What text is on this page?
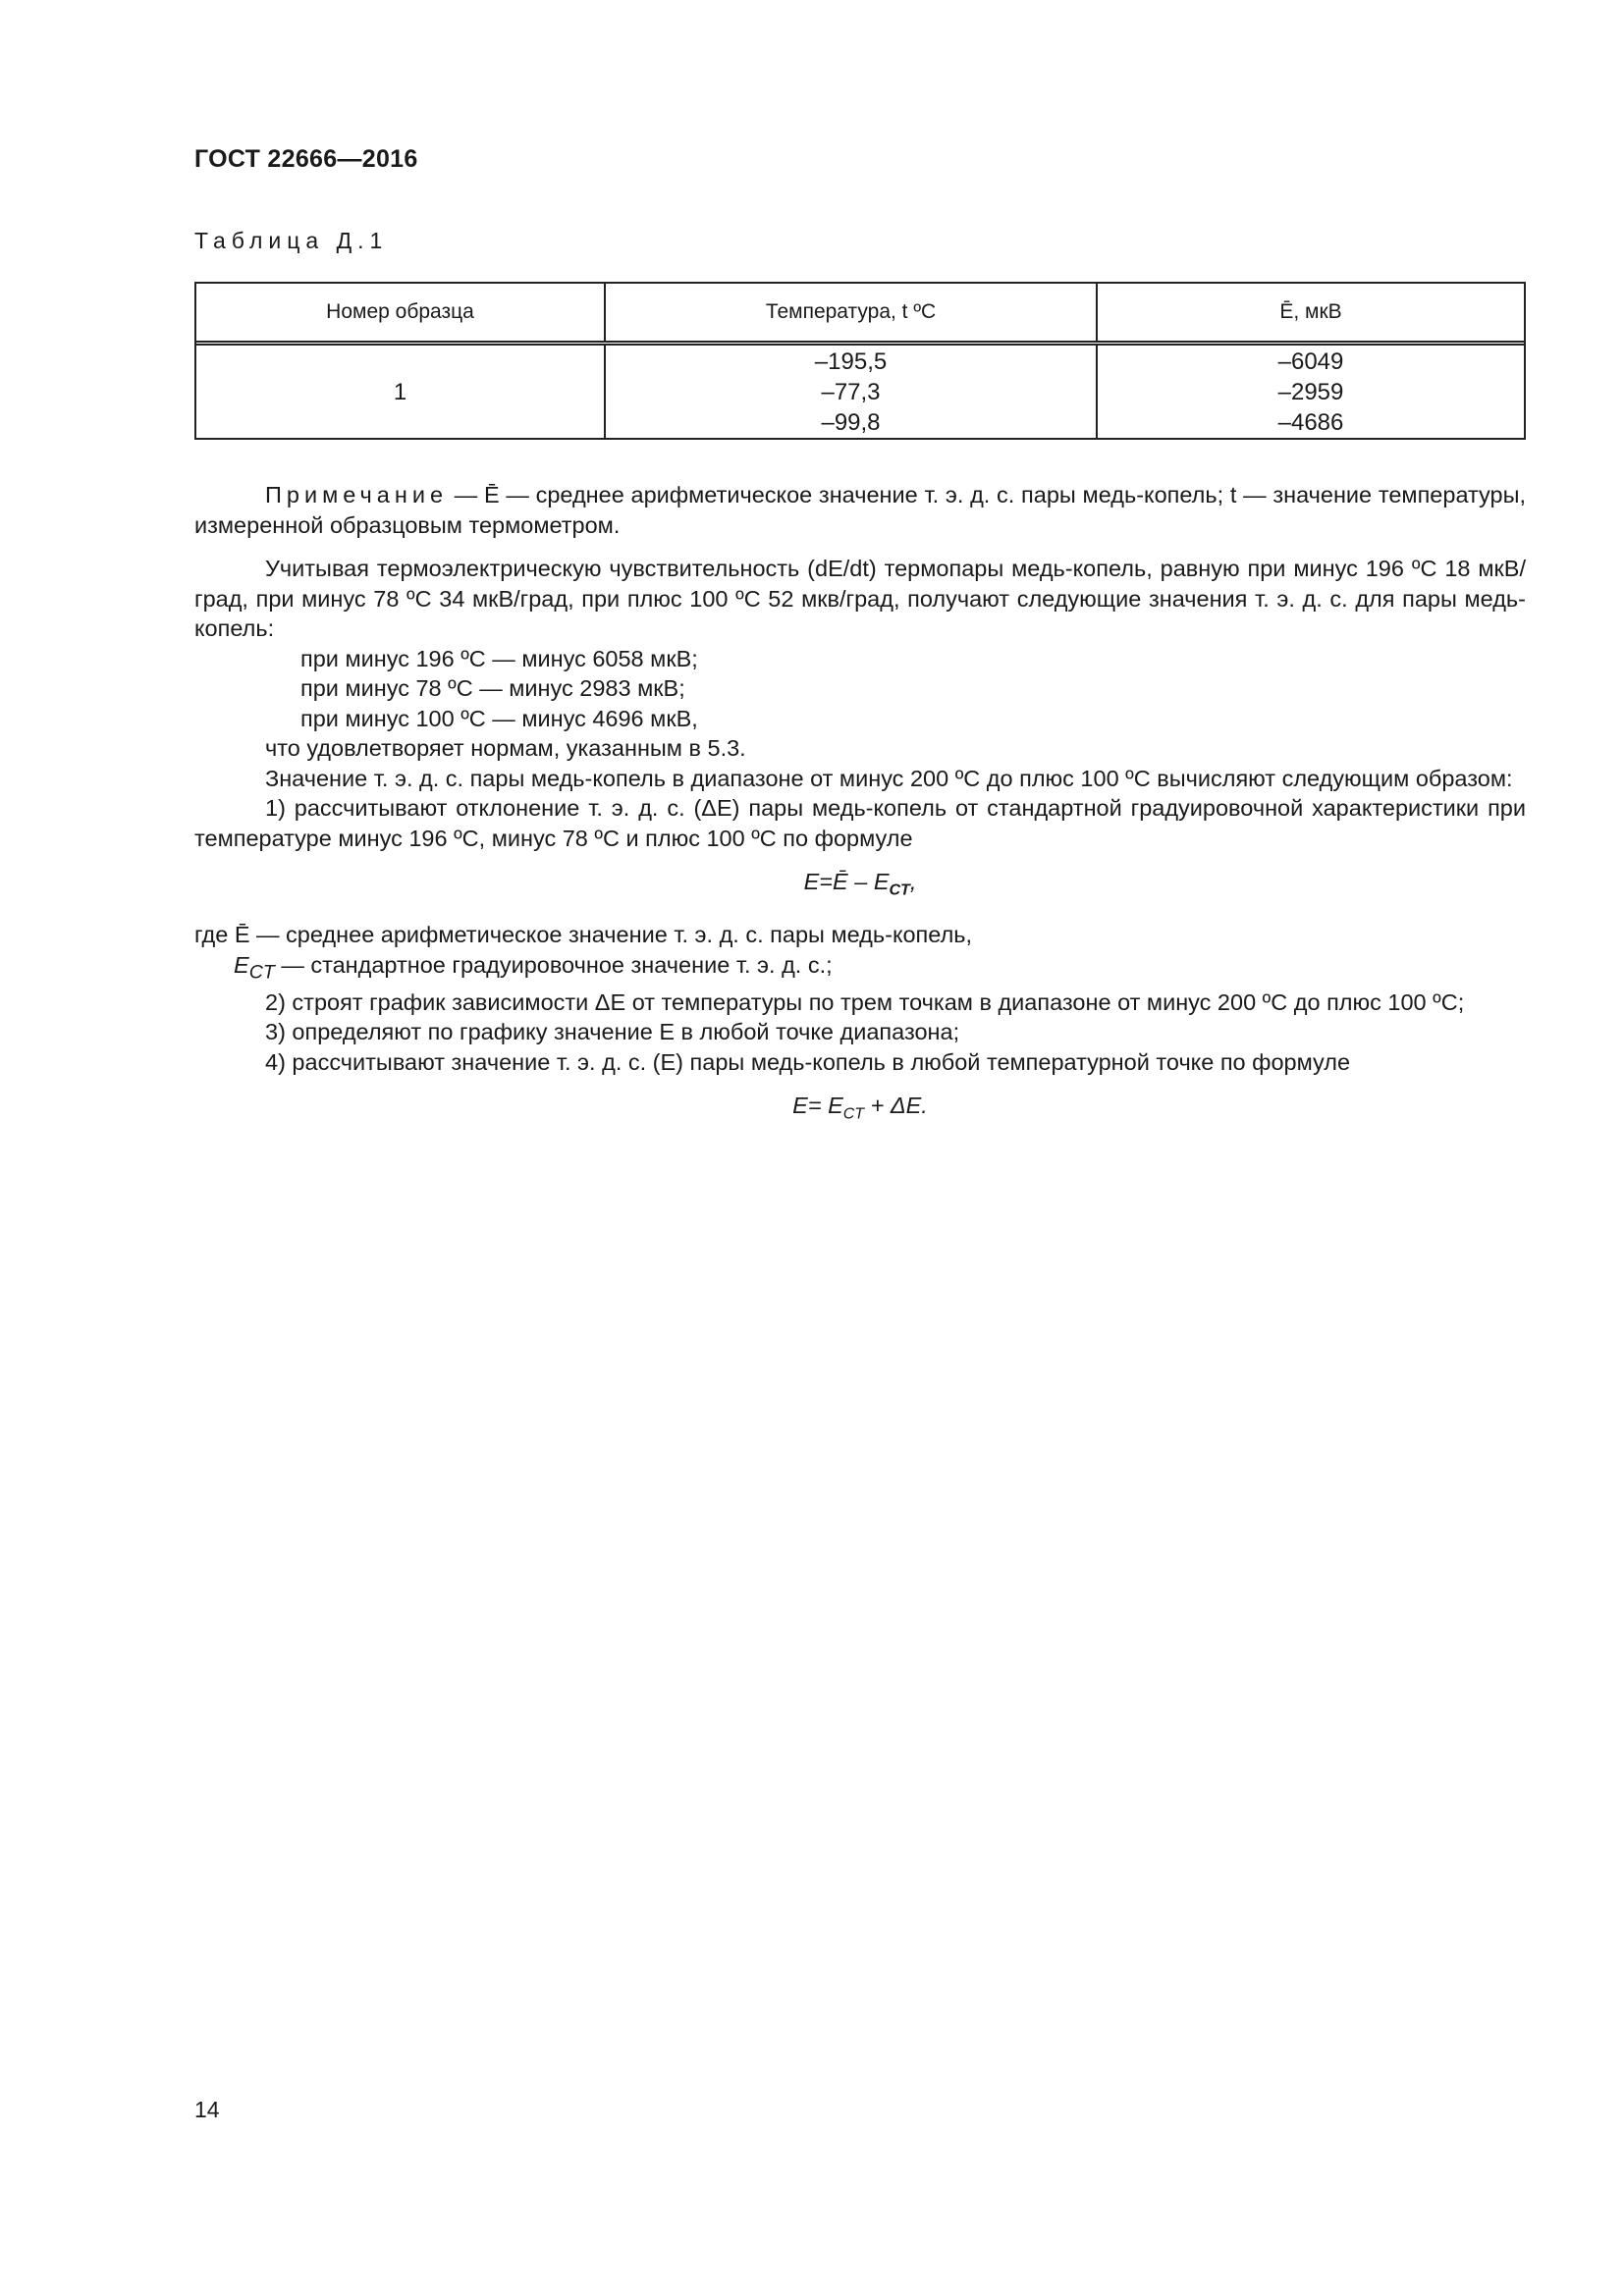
ГОСТ 22666—2016
Таблица Д.1
Номер образца	Температура, t ºC	Ē, мкВ
1
–195,5
–77,3
–99,8
–6049
–2959
–4686

Примечание — Ē — среднее арифметическое значение т. э. д. с. пары медь-копель; t — значение температуры, измеренной образцовым термометром.

Учитывая термоэлектрическую чувствительность (dE/dt) термопары медь-копель, равную при минус 196 ºC 18 мкВ/град, при минус 78 ºC 34 мкВ/град, при плюс 100 ºC 52 мкв/град, получают следующие значения т. э. д. с. для пары медь-копель:

при минус 196 ºC — минус 6058 мкВ;

при минус 78 ºC — минус 2983 мкВ;

при минус 100 ºC — минус 4696 мкВ,

что удовлетворяет нормам, указанным в 5.3.

Значение т. э. д. с. пары медь-копель в диапазоне от минус 200 ºC до плюс 100 ºC вычисляют следующим образом:

1) рассчитывают отклонение т. э. д. с. (ΔE) пары медь-копель от стандартной градуировочной характеристики при температуре минус 196 ºC, минус 78 ºC и плюс 100 ºC по формуле

E=Ē – $E_{CT}$,

где Ē — среднее арифметическое значение т. э. д. с. пары медь-копель,

$E_{CT}$ — стандартное градуировочное значение т. э. д. с.;

2) строят график зависимости ΔE от температуры по трем точкам в диапазоне от минус 200 ºC до плюс 100 ºC;

3) определяют по графику значение E в любой точке диапазона;

4) рассчитывают значение т. э. д. с. (E) пары медь-копель в любой температурной точке по формуле

$E= E_{CT} + \Delta E$.

14
